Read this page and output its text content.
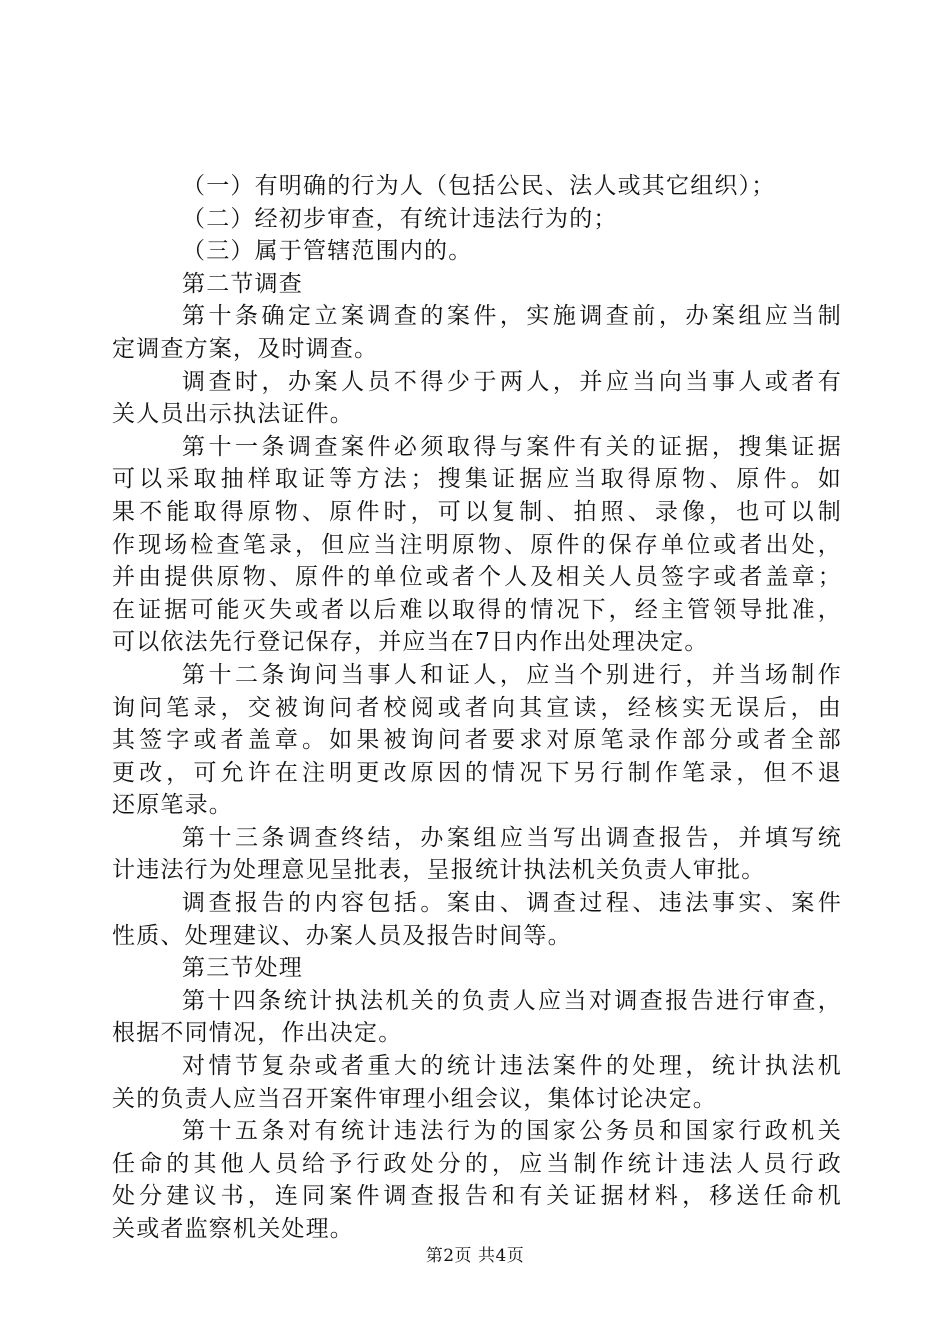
（一）有明确的行为人（包括公民、法人或其它组织）；
（二）经初步审查，有统计违法行为的；
（三）属于管辖范围内的。
第二节调查
第十条确定立案调查的案件，实施调查前，办案组应当制
定调查方案，及时调查。
调查时，办案人员不得少于两人，并应当向当事人或者有
关人员出示执法证件。
第十一条调查案件必须取得与案件有关的证据，搜集证据
可以采取抽样取证等方法；搜集证据应当取得原物、原件。如
果不能取得原物、原件时，可以复制、拍照、录像，也可以制
作现场检查笔录，但应当注明原物、原件的保存单位或者出处，
并由提供原物、原件的单位或者个人及相关人员签字或者盖章；
在证据可能灭失或者以后难以取得的情况下，经主管领导批准，
可以依法先行登记保存，并应当在7日内作出处理决定。
第十二条询问当事人和证人，应当个别进行，并当场制作
询问笔录，交被询问者校阅或者向其宣读，经核实无误后，由
其签字或者盖章。如果被询问者要求对原笔录作部分或者全部
更改，可允许在注明更改原因的情况下另行制作笔录，但不退
还原笔录。
第十三条调查终结，办案组应当写出调查报告，并填写统
计违法行为处理意见呈批表，呈报统计执法机关负责人审批。
调查报告的内容包括。案由、调查过程、违法事实、案件
性质、处理建议、办案人员及报告时间等。
第三节处理
第十四条统计执法机关的负责人应当对调查报告进行审查，
根据不同情况，作出决定。
对情节复杂或者重大的统计违法案件的处理，统计执法机
关的负责人应当召开案件审理小组会议，集体讨论决定。
第十五条对有统计违法行为的国家公务员和国家行政机关
任命的其他人员给予行政处分的，应当制作统计违法人员行政
处分建议书，连同案件调查报告和有关证据材料，移送任命机
关或者监察机关处理。
第2页 共4页
